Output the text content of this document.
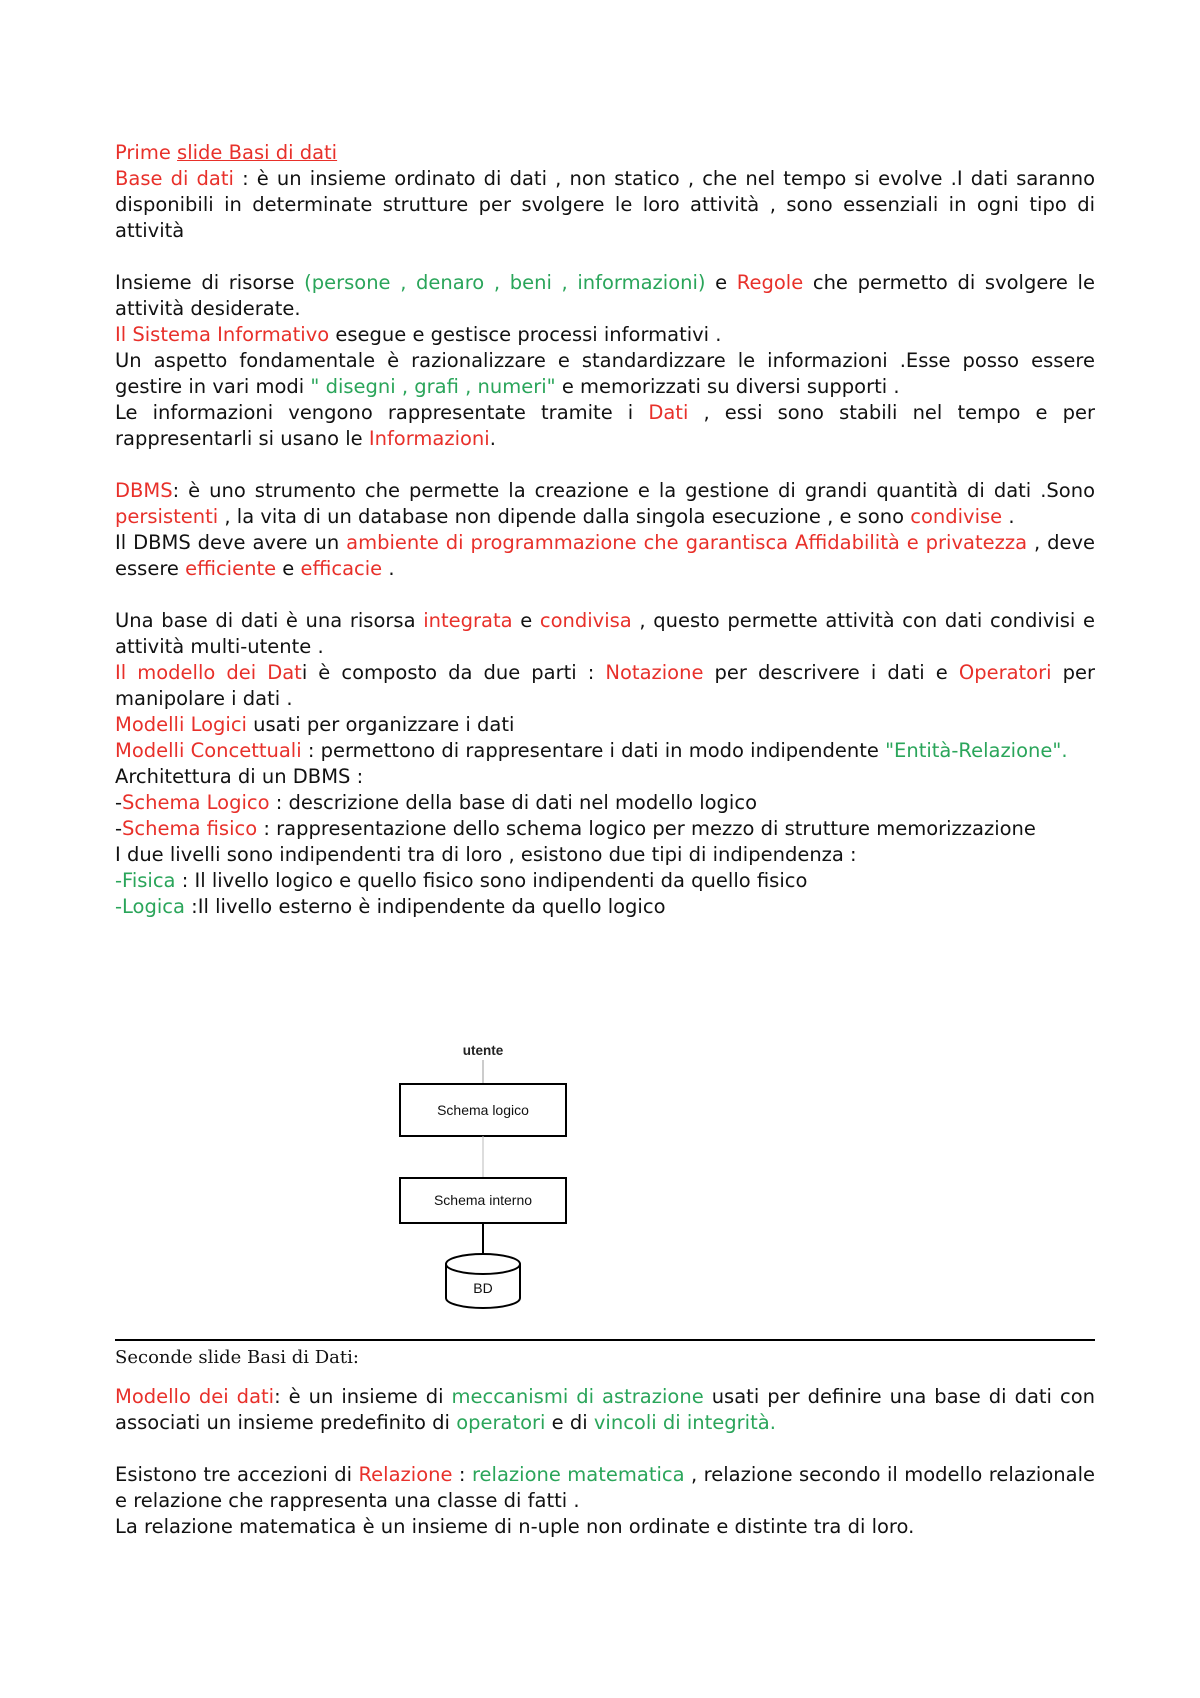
Prime slide Basi di dati

Base di dati : è un insieme ordinato di dati , non statico , che nel tempo si evolve .I dati saranno disponibili in determinate strutture per svolgere le loro attività , sono essenziali in ogni tipo di attività

Insieme di risorse (persone , denaro , beni , informazioni) e Regole che permetto di svolgere le attività desiderate.

Il Sistema Informativo esegue e gestisce processi informativi .

Un aspetto fondamentale è razionalizzare e standardizzare le informazioni .Esse posso essere gestire in vari modi " disegni , grafi , numeri" e memorizzati su diversi supporti .

Le informazioni vengono rappresentate tramite i Dati , essi sono stabili nel tempo e per rappresentarli si usano le Informazioni.

DBMS: è uno strumento che permette la creazione e la gestione di grandi quantità di dati .Sono persistenti , la vita di un database non dipende dalla singola esecuzione , e sono condivise .

Il DBMS deve avere un ambiente di programmazione che garantisca Affidabilità e privatezza , deve essere efficiente e efficacie .

Una base di dati è una risorsa integrata e condivisa , questo permette attività con dati condivisi e attività multi-utente .

Il modello dei Dati è composto da due parti : Notazione per descrivere i dati e Operatori per manipolare i dati .

Modelli Logici usati per organizzare i dati

Modelli Concettuali : permettono di rappresentare i dati in modo indipendente "Entità-Relazione".

Architettura di un DBMS :

-Schema Logico : descrizione della base di dati nel modello logico

-Schema fisico : rappresentazione dello schema logico per mezzo di strutture memorizzazione

I due livelli sono indipendenti tra di loro , esistono due tipi di indipendenza :

-Fisica : Il livello logico e quello fisico sono indipendenti da quello fisico

-Logica :Il livello esterno è indipendente da quello logico

utente
Schema logico
Schema interno
BD
Seconde slide Basi di Dati:

Modello dei dati: è un insieme di meccanismi di astrazione usati per definire una base di dati con associati un insieme predefinito di operatori e di vincoli di integrità.

Esistono tre accezioni di Relazione : relazione matematica , relazione secondo il modello relazionale e relazione che rappresenta una classe di fatti .

La relazione matematica è un insieme di n-uple non ordinate e distinte tra di loro.
